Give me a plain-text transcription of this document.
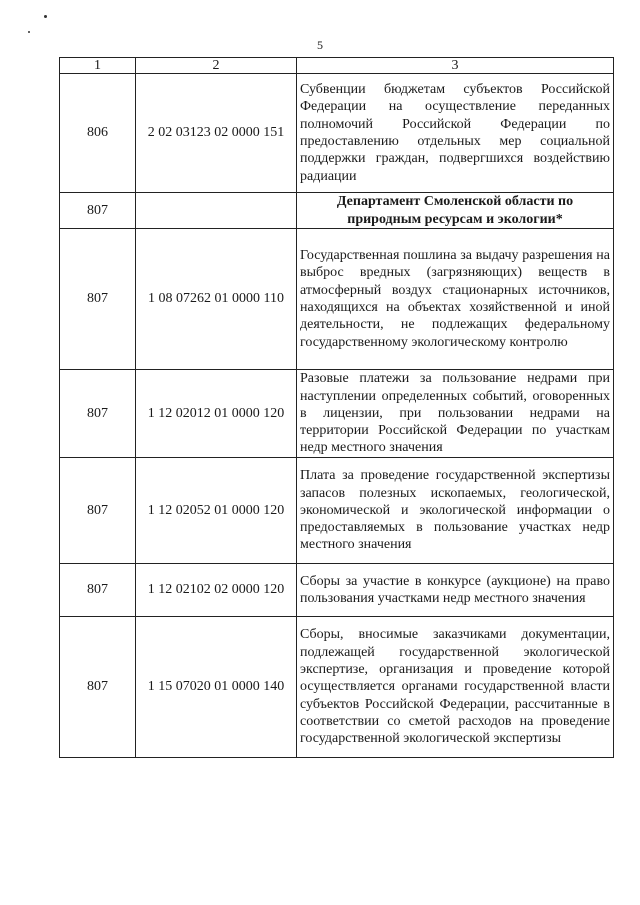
5
1	2	3
806	2 02 03123 02 0000 151	Субвенции бюджетам субъектов Российской Федерации на осуществление переданных полномочий Российской Федерации по предоставлению отдельных мер социальной поддержки граждан, подвергшихся воздействию радиации
807		Департамент Смоленской области по природным ресурсам и экологии*
807	1 08 07262 01 0000 110	Государственная пошлина за выдачу разрешения на выброс вредных (загрязняющих) веществ в атмосферный воздух стационарных источников, находящихся на объектах хозяйственной и иной деятельности, не подлежащих федеральному государственному экологическому контролю
807	1 12 02012 01 0000 120	Разовые платежи за пользование недрами при наступлении определенных событий, оговоренных в лицензии, при пользовании недрами на территории Российской Федерации по участкам недр местного значения
807	1 12 02052 01 0000 120	Плата за проведение государственной экспертизы запасов полезных ископаемых, геологической, экономической и экологической информации о предоставляемых в пользование участках недр местного значения
807	1 12 02102 02 0000 120	Сборы за участие в конкурсе (аукционе) на право пользования участками недр местного значения
807	1 15 07020 01 0000 140	Сборы, вносимые заказчиками документации, подлежащей государственной экологической экспертизе, организация и проведение которой осуществляется органами государственной власти субъектов Российской Федерации, рассчитанные в соответствии со сметой расходов на проведение государственной экологической экспертизы
